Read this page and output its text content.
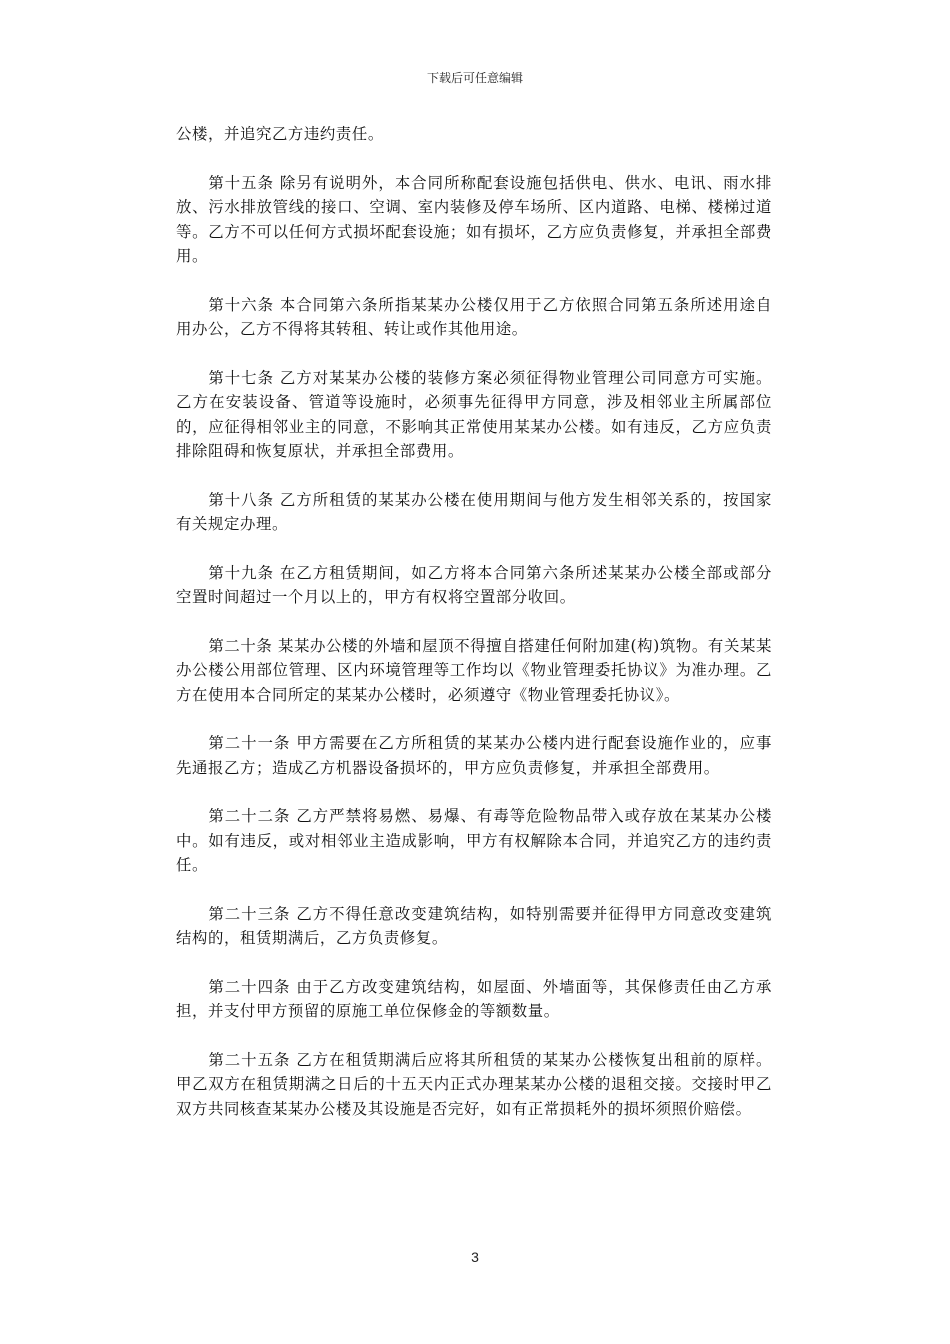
下载后可任意编辑

公楼，并追究乙方违约责任。

第十五条 除另有说明外，本合同所称配套设施包括供电、供水、电讯、雨水排放、污水排放管线的接口、空调、室内装修及停车场所、区内道路、电梯、楼梯过道等。乙方不可以任何方式损坏配套设施；如有损坏，乙方应负责修复，并承担全部费用。

第十六条 本合同第六条所指某某办公楼仅用于乙方依照合同第五条所述用途自用办公，乙方不得将其转租、转让或作其他用途。

第十七条 乙方对某某办公楼的装修方案必须征得物业管理公司同意方可实施。乙方在安装设备、管道等设施时，必须事先征得甲方同意，涉及相邻业主所属部位的，应征得相邻业主的同意，不影响其正常使用某某办公楼。如有违反，乙方应负责排除阻碍和恢复原状，并承担全部费用。

第十八条 乙方所租赁的某某办公楼在使用期间与他方发生相邻关系的，按国家有关规定办理。

第十九条 在乙方租赁期间，如乙方将本合同第六条所述某某办公楼全部或部分空置时间超过一个月以上的，甲方有权将空置部分收回。

第二十条 某某办公楼的外墙和屋顶不得擅自搭建任何附加建(构)筑物。有关某某办公楼公用部位管理、区内环境管理等工作均以《物业管理委托协议》为准办理。乙方在使用本合同所定的某某办公楼时，必须遵守《物业管理委托协议》。

第二十一条 甲方需要在乙方所租赁的某某办公楼内进行配套设施作业的，应事先通报乙方；造成乙方机器设备损坏的，甲方应负责修复，并承担全部费用。

第二十二条 乙方严禁将易燃、易爆、有毒等危险物品带入或存放在某某办公楼中。如有违反，或对相邻业主造成影响，甲方有权解除本合同，并追究乙方的违约责任。

第二十三条 乙方不得任意改变建筑结构，如特别需要并征得甲方同意改变建筑结构的，租赁期满后，乙方负责修复。

第二十四条 由于乙方改变建筑结构，如屋面、外墙面等，其保修责任由乙方承担，并支付甲方预留的原施工单位保修金的等额数量。

第二十五条 乙方在租赁期满后应将其所租赁的某某办公楼恢复出租前的原样。甲乙双方在租赁期满之日后的十五天内正式办理某某办公楼的退租交接。交接时甲乙双方共同核查某某办公楼及其设施是否完好，如有正常损耗外的损坏须照价赔偿。

3
